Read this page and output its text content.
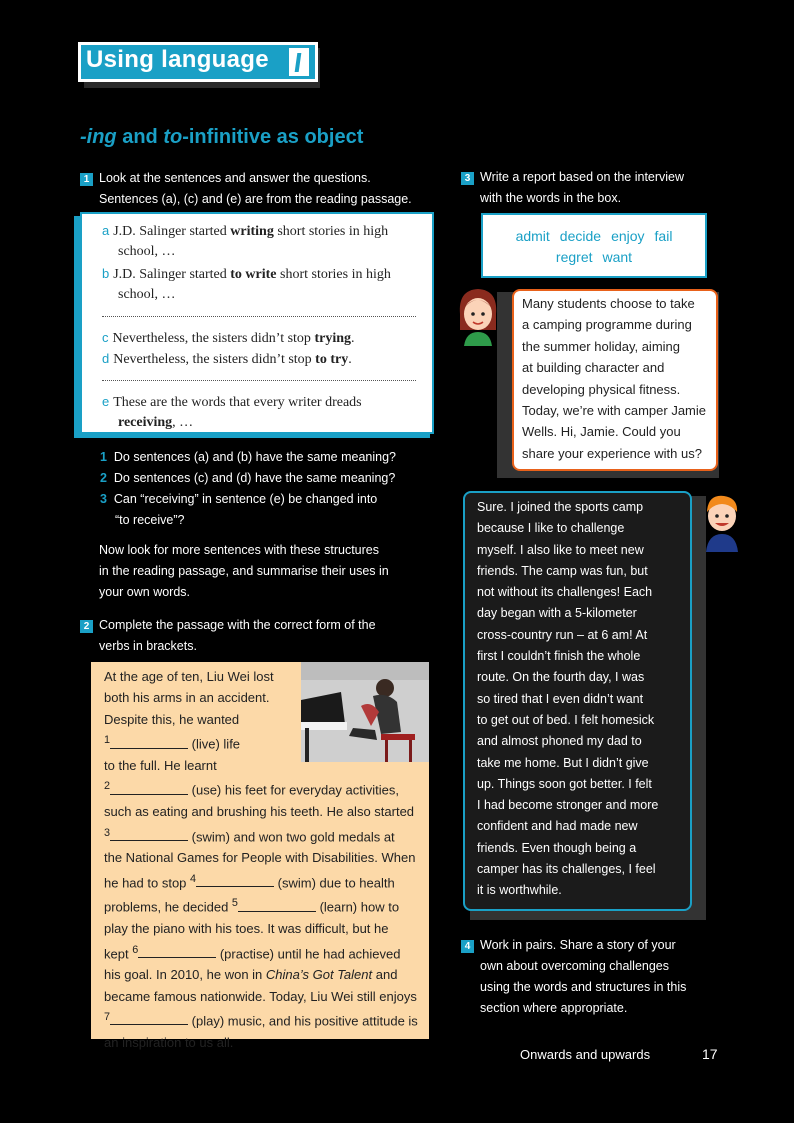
Using language
-ing and to-infinitive as object
1 Look at the sentences and answer the questions.
Sentences (a), (c) and (e) are from the reading passage.
a J.D. Salinger started writing short stories in high
school, …
b J.D. Salinger started to write short stories in high
school, …
c Nevertheless, the sisters didn’t stop trying.
d Nevertheless, the sisters didn’t stop to try.
e These are the words that every writer dreads
receiving, …
1 Do sentences (a) and (b) have the same meaning?
2 Do sentences (c) and (d) have the same meaning?
3 Can “receiving” in sentence (e) be changed into
“to receive”?
Now look for more sentences with these structures
in the reading passage, and summarise their uses in
your own words.
2 Complete the passage with the correct form of the
verbs in brackets.
At the age of ten, Liu Wei lost
both his arms in an accident.
Despite this, he wanted
$^1$	(live) life
to the full. He learnt
$^2$	(use) his feet for everyday activities,
such as eating and brushing his teeth. He also started
$^3$	(swim) and won two gold medals at
the National Games for People with Disabilities. When
he had to stop $^4$	(swim) due to health
problems, he decided $^5$	(learn) how to
play the piano with his toes. It was difficult, but he
kept $^6$	(practise) until he had achieved
his goal. In 2010, he won in China’s Got Talent and
became famous nationwide. Today, Liu Wei still enjoys
$^7$	(play) music, and his positive attitude is
an inspiration to us all.
3 Write a report based on the interview
with the words in the box.
admit decide enjoy fail
regret want
Many students choose to take
a camping programme during
the summer holiday, aiming
at building character and
developing physical fitness.
Today, we’re with camper Jamie
Wells. Hi, Jamie. Could you
share your experience with us?
Sure. I joined the sports camp
because I like to challenge
myself. I also like to meet new
friends. The camp was fun, but
not without its challenges! Each
day began with a 5-kilometer
cross-country run – at 6 am! At
first I couldn’t finish the whole
route. On the fourth day, I was
so tired that I even didn’t want
to get out of bed. I felt homesick
and almost phoned my dad to
take me home. But I didn’t give
up. Things soon got better. I felt
I had become stronger and more
confident and had made new
friends. Even though being a
camper has its challenges, I feel
it is worthwhile.
4 Work in pairs. Share a story of your
own about overcoming challenges
using the words and structures in this
section where appropriate.
Onwards and upwards	17
